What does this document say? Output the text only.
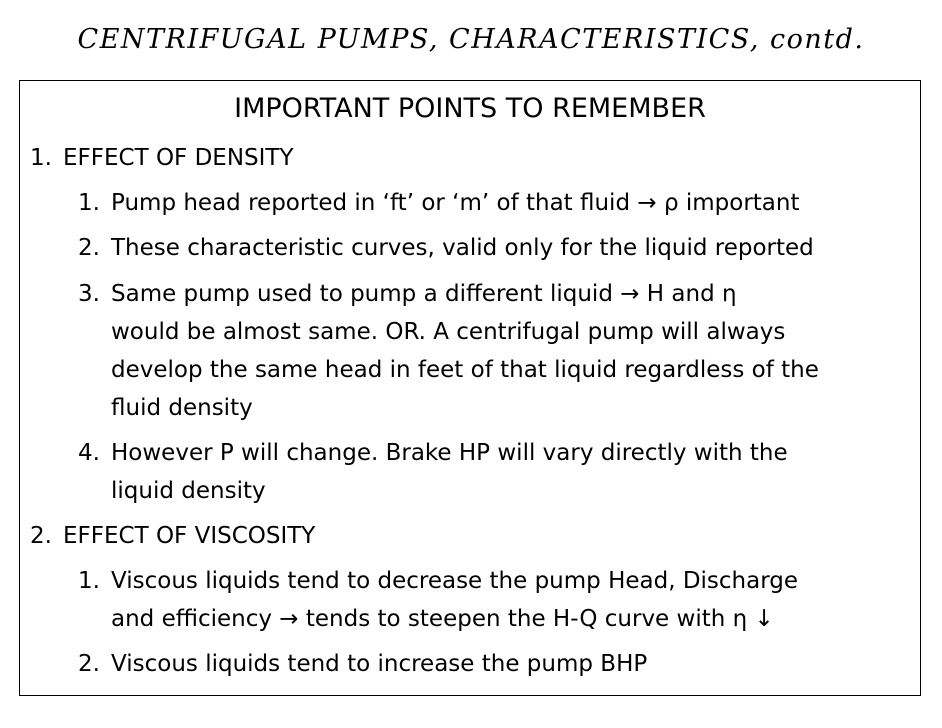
CENTRIFUGAL PUMPS, CHARACTERISTICS, contd.
IMPORTANT POINTS TO REMEMBER
1. EFFECT OF DENSITY
1. Pump head reported in ‘ft’ or ‘m’ of that fluid → ρ important
2. These characteristic curves, valid only for the liquid reported
3. Same pump used to pump a different liquid → H and η
would be almost same. OR. A centrifugal pump will always
develop the same head in feet of that liquid regardless of the
fluid density
4. However P will change. Brake HP will vary directly with the
liquid density
2. EFFECT OF VISCOSITY
1. Viscous liquids tend to decrease the pump Head, Discharge
and efficiency → tends to steepen the H-Q curve with η ↓
2. Viscous liquids tend to increase the pump BHP
